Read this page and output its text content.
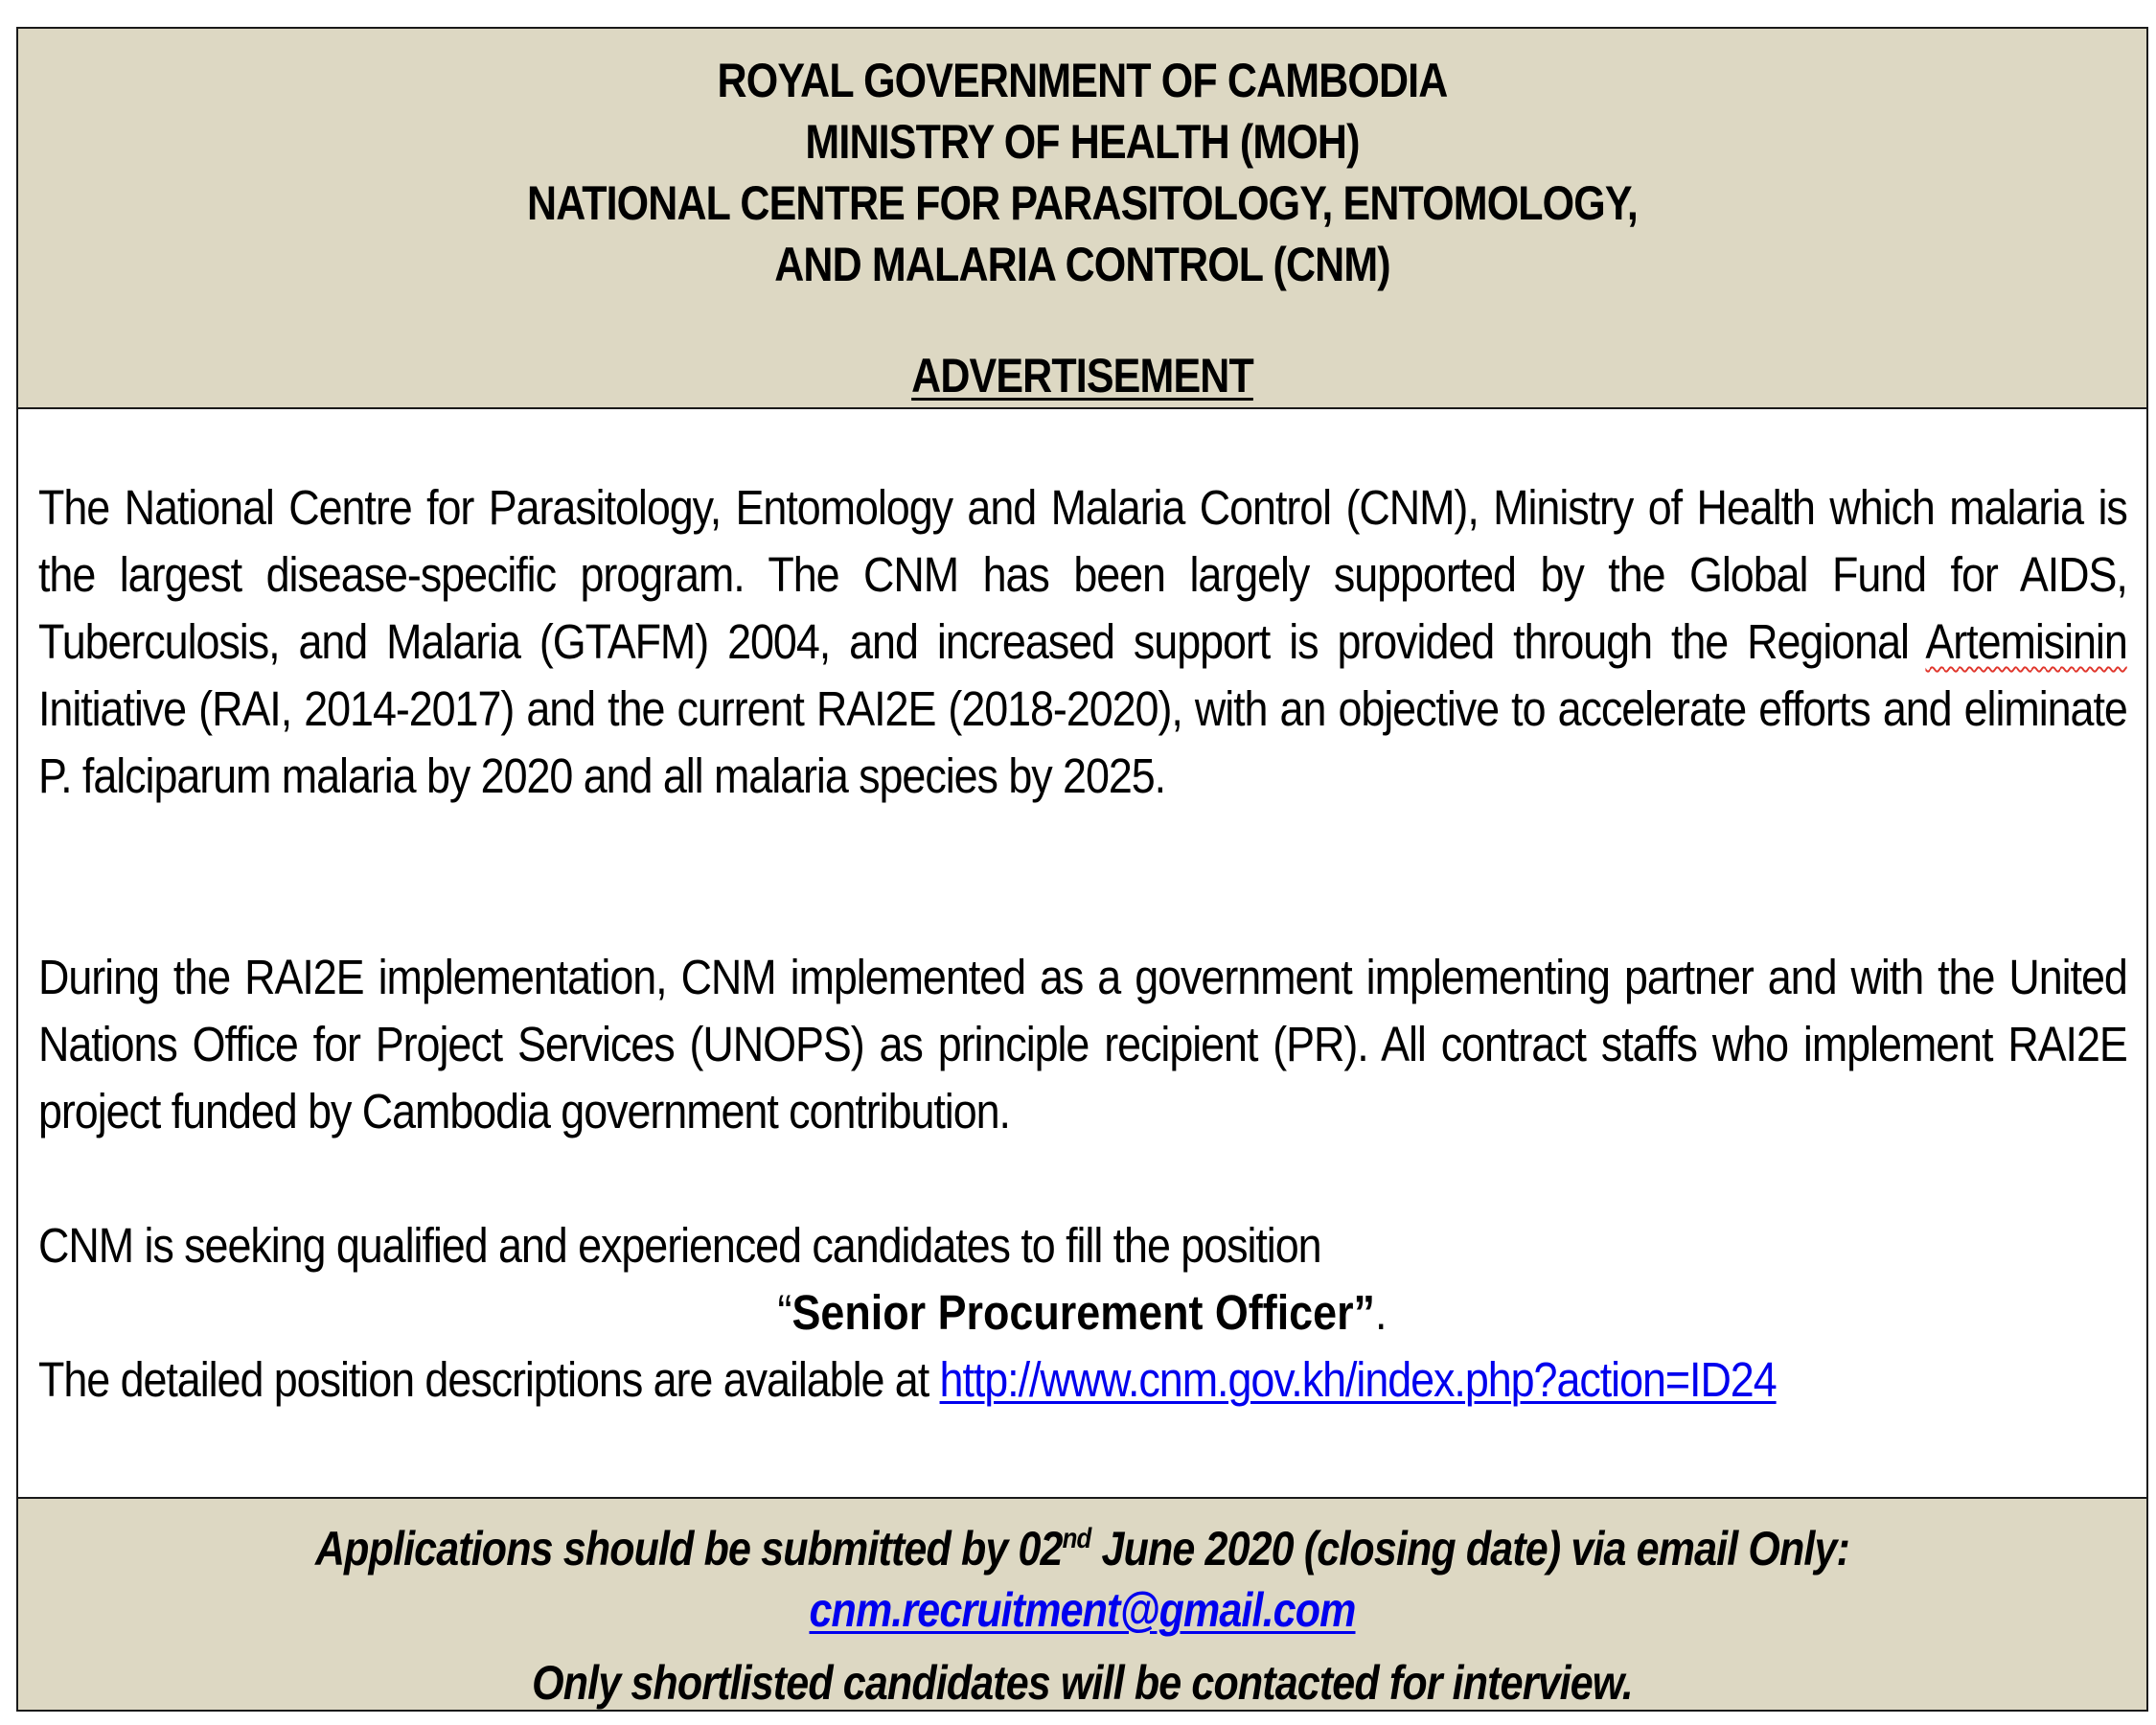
ROYAL GOVERNMENT OF CAMBODIA
MINISTRY OF HEALTH (MOH)
NATIONAL CENTRE FOR PARASITOLOGY, ENTOMOLOGY,
AND MALARIA CONTROL (CNM)
ADVERTISEMENT
The National Centre for Parasitology, Entomology and Malaria Control (CNM), Ministry of Health which malaria is the largest disease-specific program. The CNM has been largely supported by the Global Fund for AIDS, Tuberculosis, and Malaria (GTAFM) 2004, and increased support is provided through the Regional Artemisinin Initiative (RAI, 2014-2017) and the current RAI2E (2018-2020), with an objective to accelerate efforts and eliminate P. falciparum malaria by 2020 and all malaria species by 2025.
During the RAI2E implementation, CNM implemented as a government implementing partner and with the United Nations Office for Project Services (UNOPS) as principle recipient (PR). All contract staffs who implement RAI2E project funded by Cambodia government contribution.
CNM is seeking qualified and experienced candidates to fill the position
“Senior Procurement Officer”.
The detailed position descriptions are available at http://www.cnm.gov.kh/index.php?action=ID24
Applications should be submitted by 02nd June 2020 (closing date) via email Only:
cnm.recruitment@gmail.com
Only shortlisted candidates will be contacted for interview.
